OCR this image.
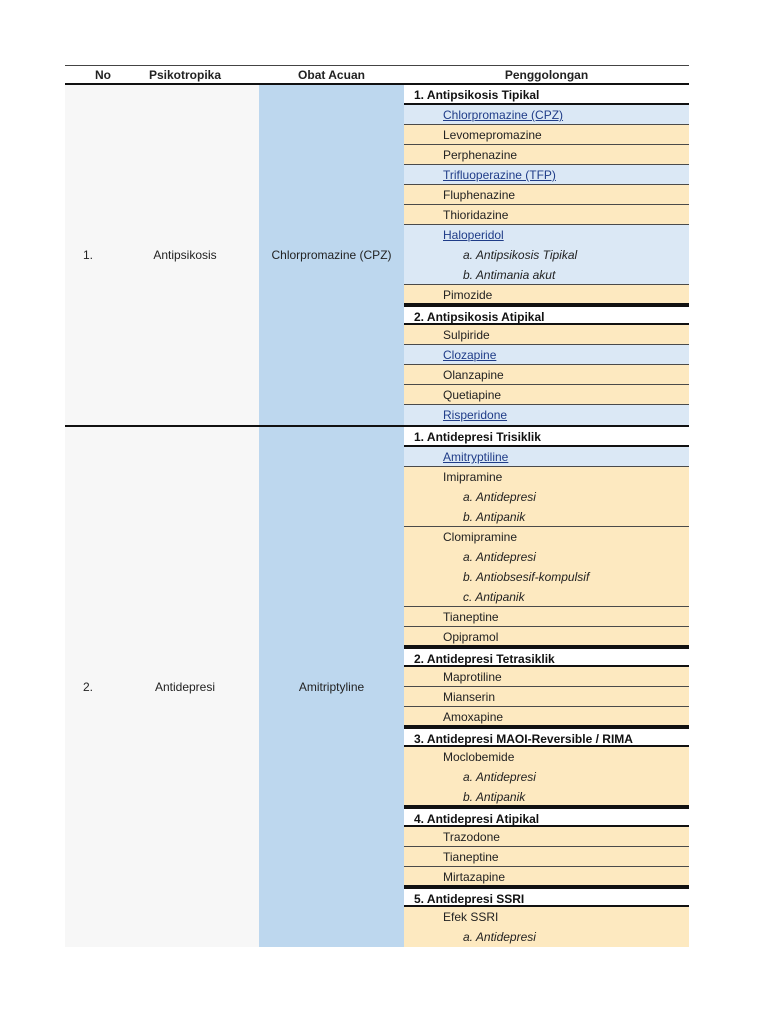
No	Psikotropika	Obat Acuan	Penggolongan
1.	Antipsikosis	Chlorpromazine (CPZ)
1. Antipsikosis Tipikal
Chlorpromazine (CPZ)
Levomepromazine
Perphenazine
Trifluoperazine (TFP)
Fluphenazine
Thioridazine
Haloperidol
a. Antipsikosis Tipikal
b. Antimania akut
Pimozide
2. Antipsikosis Atipikal
Sulpiride
Clozapine
Olanzapine
Quetiapine
Risperidone
2.	Antidepresi	Amitriptyline
1. Antidepresi Trisiklik
Amitryptiline
Imipramine
a. Antidepresi
b. Antipanik
Clomipramine
a. Antidepresi
b. Antiobsesif-kompulsif
c. Antipanik
Tianeptine
Opipramol
2. Antidepresi Tetrasiklik
Maprotiline
Mianserin
Amoxapine
3. Antidepresi MAOI-Reversible / RIMA
Moclobemide
a. Antidepresi
b. Antipanik
4. Antidepresi Atipikal
Trazodone
Tianeptine
Mirtazapine
5. Antidepresi SSRI
Efek SSRI
a. Antidepresi
